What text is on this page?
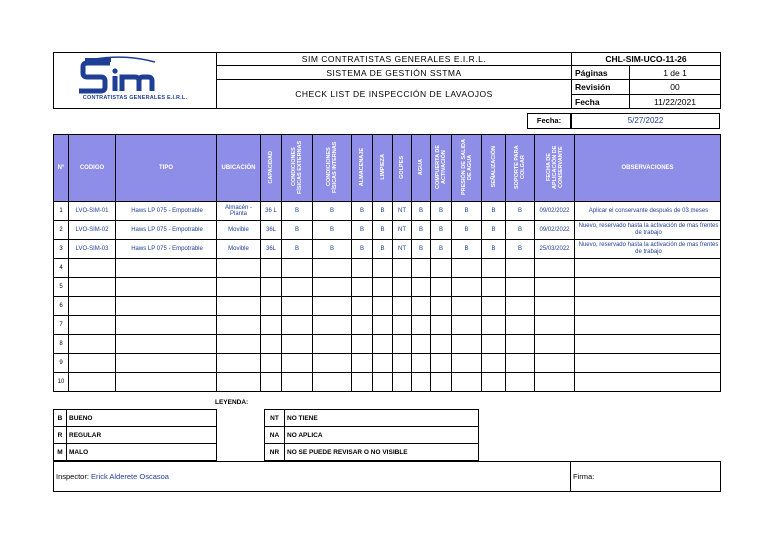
CONTRATISTAS GENERALES E.I.R.L.	SIM CONTRATISTAS GENERALES E.I.R.L.	CHL-SIM-UCO-11-26	
	SISTEMA DE GESTIÓN SSTMA	Páginas	1 de 1
	CHECK LIST DE INSPECCIÓN DE LAVAOJOS	Revisión	00
		Fecha	11/22/2021
Fecha:	5/27/2022
N°	CODIGO	TIPO	UBICACIÓN	CAPACIDAD	CONDICIONES FÍSICAS EXTERNAS	CONDICIONES FÍSICAS INTERNAS	ALMACENAJE	LIMPIEZA	GOLPES	AGUA	COMPUERTA DE ACTIVACIÓN	PRESIÓN DE SALIDA DE AGUA	SEÑALIZACIÓN	SOPORTE PARA COLGAR	FECHA DE APLICACIÓN DE CONSERVANTE	OBSERVACIONES
1	LVO-SIM-01	Haws LP 075 - Empotrable	Almacén - Planta	36 L	B	B	B	B	NT	B	B	B	B	B	09/02/2022	Aplicar el conservante después de 03 meses
2	LVO-SIM-02	Haws LP 075 - Empotrable	Movible	36L	B	B	B	B	NT	B	B	B	B	B	09/02/2022	Nuevo, reservado hasta la activación de mas frentes de trabajo
3	LVO-SIM-03	Haws LP 075 - Empotrable	Movible	36L	B	B	B	B	NT	B	B	B	B	B	25/03/2022	Nuevo, reservado hasta la activación de mas frentes de trabajo
4																
5																
6																
7																
8																
9																
10																
LEYENDA:
B	BUENO
R	REGULAR
M	MALO
NT	NO TIENE
NA	NO APLICA
NR	NO SE PUEDE REVISAR O NO VISIBLE
Inspector: Erick Alderete Oscasoa	Firma:
